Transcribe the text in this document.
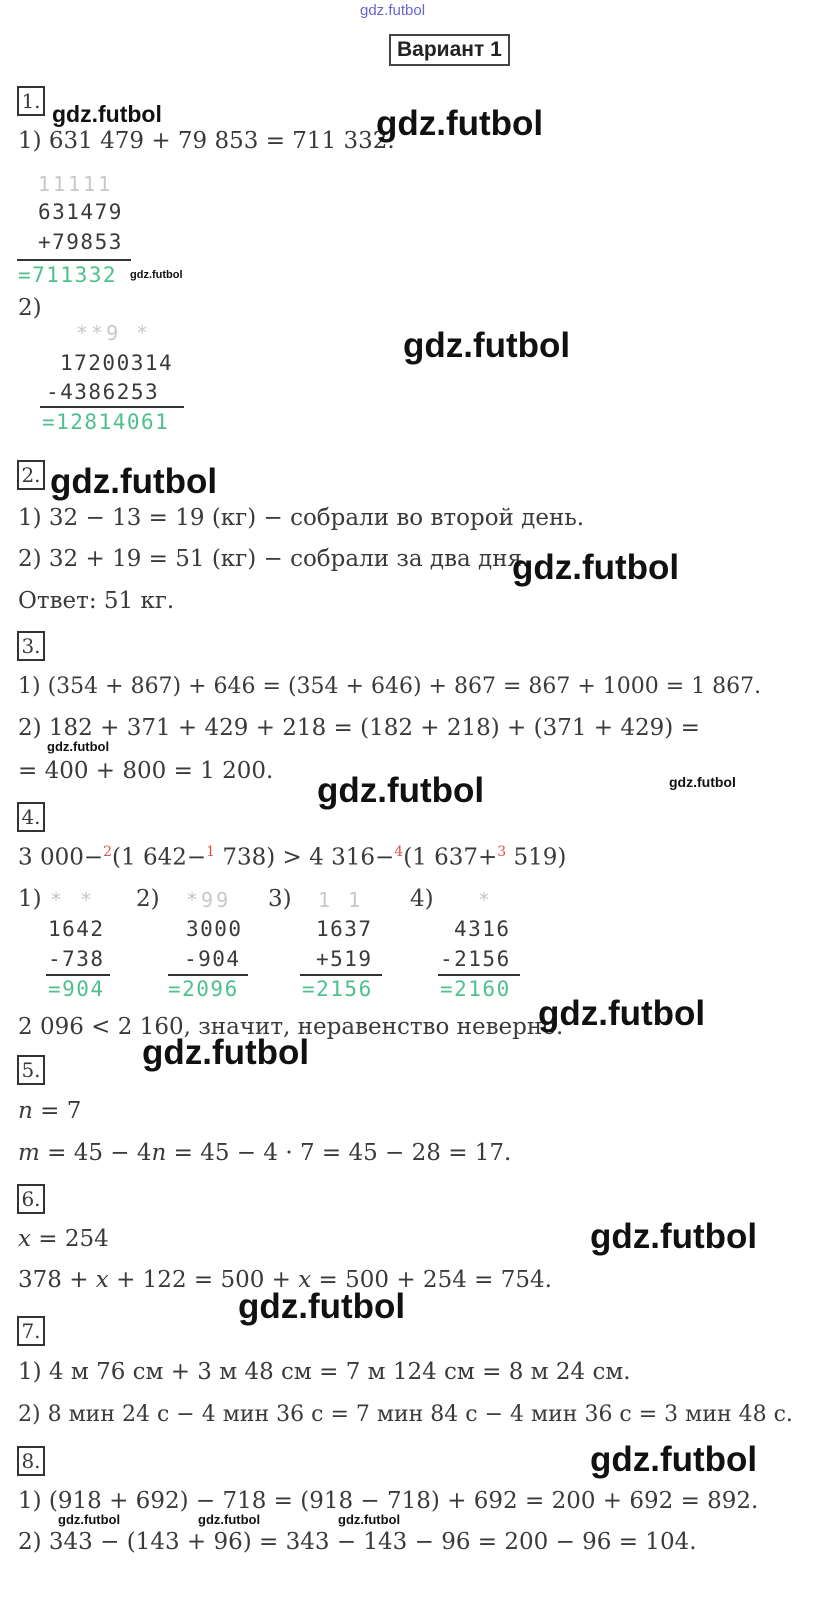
gdz.futbol
Вариант 1
1. gdz.futbol
1) 631 479 + 79 853 = 711 332.
gdz.futbol
11111
631479
+79853
=711332 gdz.futbol
2)
**9 *
17200314
-4386253
=12814061
gdz.futbol
2. gdz.futbol
1) 32 − 13 = 19 (кг) − собрали во второй день.
2) 32 + 19 = 51 (кг) − собрали за два дня.
gdz.futbol
Ответ: 51 кг.
3.
1) (354 + 867) + 646 = (354 + 646) + 867 = 867 + 1000 = 1 867.
2) 182 + 371 + 429 + 218 = (182 + 218) + (371 + 429) =
gdz.futbol
= 400 + 800 = 1 200.	gdz.futbol
gdz.futbol
4.
3 000−$^2$(1 642−$^1$ 738) > 4 316−$^4$(1 637+$^3$ 519)
1) * *
1642
-738
=904
2) *99
3000
-904
=2096
3) 1 1
1637
+519
=2156
4) *
4316
-2156
=2160
2 096 < 2 160, значит, неравенство неверно.
gdz.futbol
gdz.futbol
5.
n = 7
m = 45 − 4n = 45 − 4 · 7 = 45 − 28 = 17.
6.
x = 254	gdz.futbol
378 + x + 122 = 500 + x = 500 + 254 = 754.
gdz.futbol
7.
1) 4 м 76 см + 3 м 48 см = 7 м 124 см = 8 м 24 см.
2) 8 мин 24 с − 4 мин 36 с = 7 мин 84 с − 4 мин 36 с = 3 мин 48 с.
8.	gdz.futbol
1) (918 + 692) − 718 = (918 − 718) + 692 = 200 + 692 = 892.
gdz.futbol	gdz.futbol	gdz.futbol
2) 343 − (143 + 96) = 343 − 143 − 96 = 200 − 96 = 104.
